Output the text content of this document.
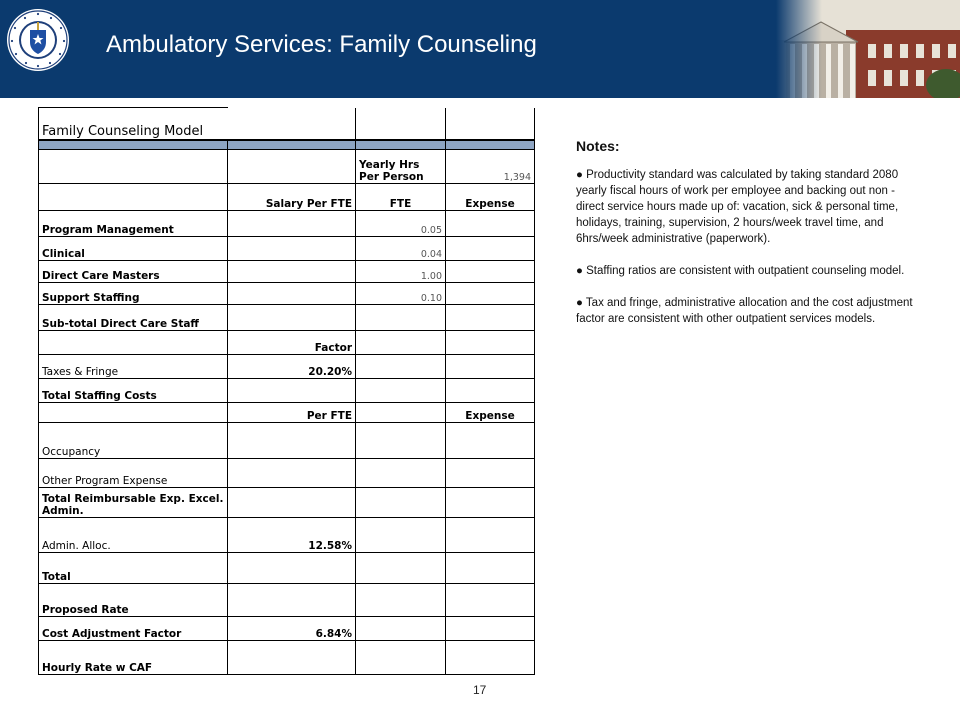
Ambulatory Services: Family Counseling
Family Counseling Model			

		Yearly Hrs Per Person	1,394
	Salary Per FTE	FTE	Expense
Program Management		0.05	
Clinical		0.04	
Direct Care Masters		1.00	
Support Staffing		0.10	
Sub-total Direct Care Staff			
	Factor		
Taxes & Fringe	20.20%		
Total Staffing Costs			
	Per FTE		Expense
Occupancy			
Other Program Expense			
Total Reimbursable Exp. Excel. Admin.			
Admin. Alloc.	12.58%		
Total			
Proposed Rate			
Cost Adjustment Factor	6.84%		
Hourly Rate w CAF			
Notes:

● Productivity standard was calculated by taking standard 2080 yearly fiscal hours of work per employee and backing out non -direct service hours made up of: vacation, sick & personal time, holidays, training, supervision, 2 hours/week travel time, and 6hrs/week administrative (paperwork).

● Staffing ratios are consistent with outpatient counseling model.

● Tax and fringe, administrative allocation and the cost adjustment factor are consistent with other outpatient services models.

17
